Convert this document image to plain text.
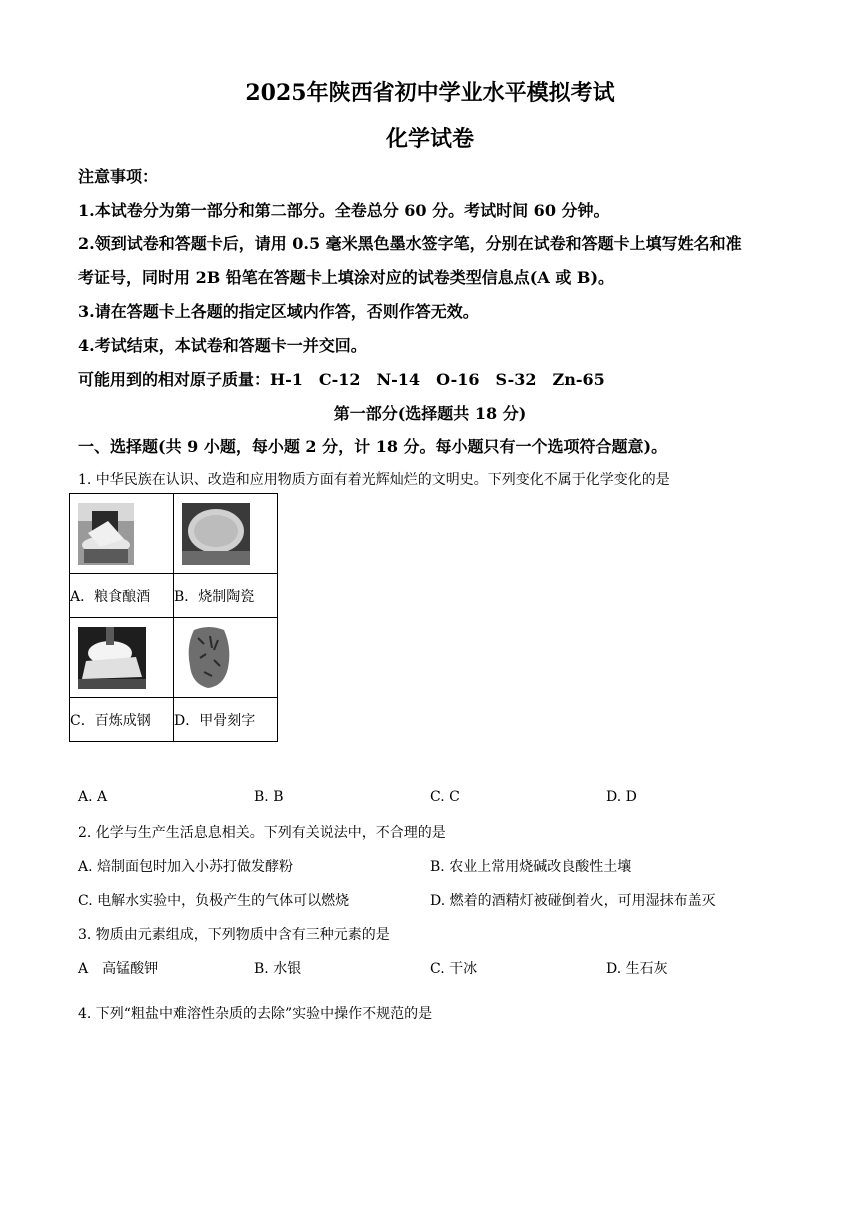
2025年陕西省初中学业水平模拟考试
化学试卷
注意事项：
1.本试卷分为第一部分和第二部分。全卷总分 60 分。考试时间 60 分钟。
2.领到试卷和答题卡后，请用 0.5 毫米黑色墨水签字笔，分别在试卷和答题卡上填写姓名和准
考证号，同时用 2B 铅笔在答题卡上填涂对应的试卷类型信息点(A 或 B)。
3.请在答题卡上各题的指定区域内作答，否则作答无效。
4.考试结束，本试卷和答题卡一并交回。
可能用到的相对原子质量：H-1　C-12　N-14　O-16　S-32　Zn-65
第一部分(选择题共 18 分)
一、选择题(共 9 小题，每小题 2 分，计 18 分。每小题只有一个选项符合题意)。
1. 中华民族在认识、改造和应用物质方面有着光辉灿烂的文明史。下列变化不属于化学变化的是

A．粮食酿酒	B．烧制陶瓷

C．百炼成钢	D．甲骨刻字
A. A	B. B	C. C	D. D
2. 化学与生产生活息息相关。下列有关说法中，不合理的是
A. 焙制面包时加入小苏打做发酵粉	B. 农业上常用烧碱改良酸性土壤
C. 电解水实验中，负极产生的气体可以燃烧	D. 燃着的酒精灯被碰倒着火，可用湿抹布盖灭
3. 物质由元素组成，下列物质中含有三种元素的是
A　高锰酸钾	B. 水银	C. 干冰	D. 生石灰
4. 下列“粗盐中难溶性杂质的去除”实验中操作不规范的是
